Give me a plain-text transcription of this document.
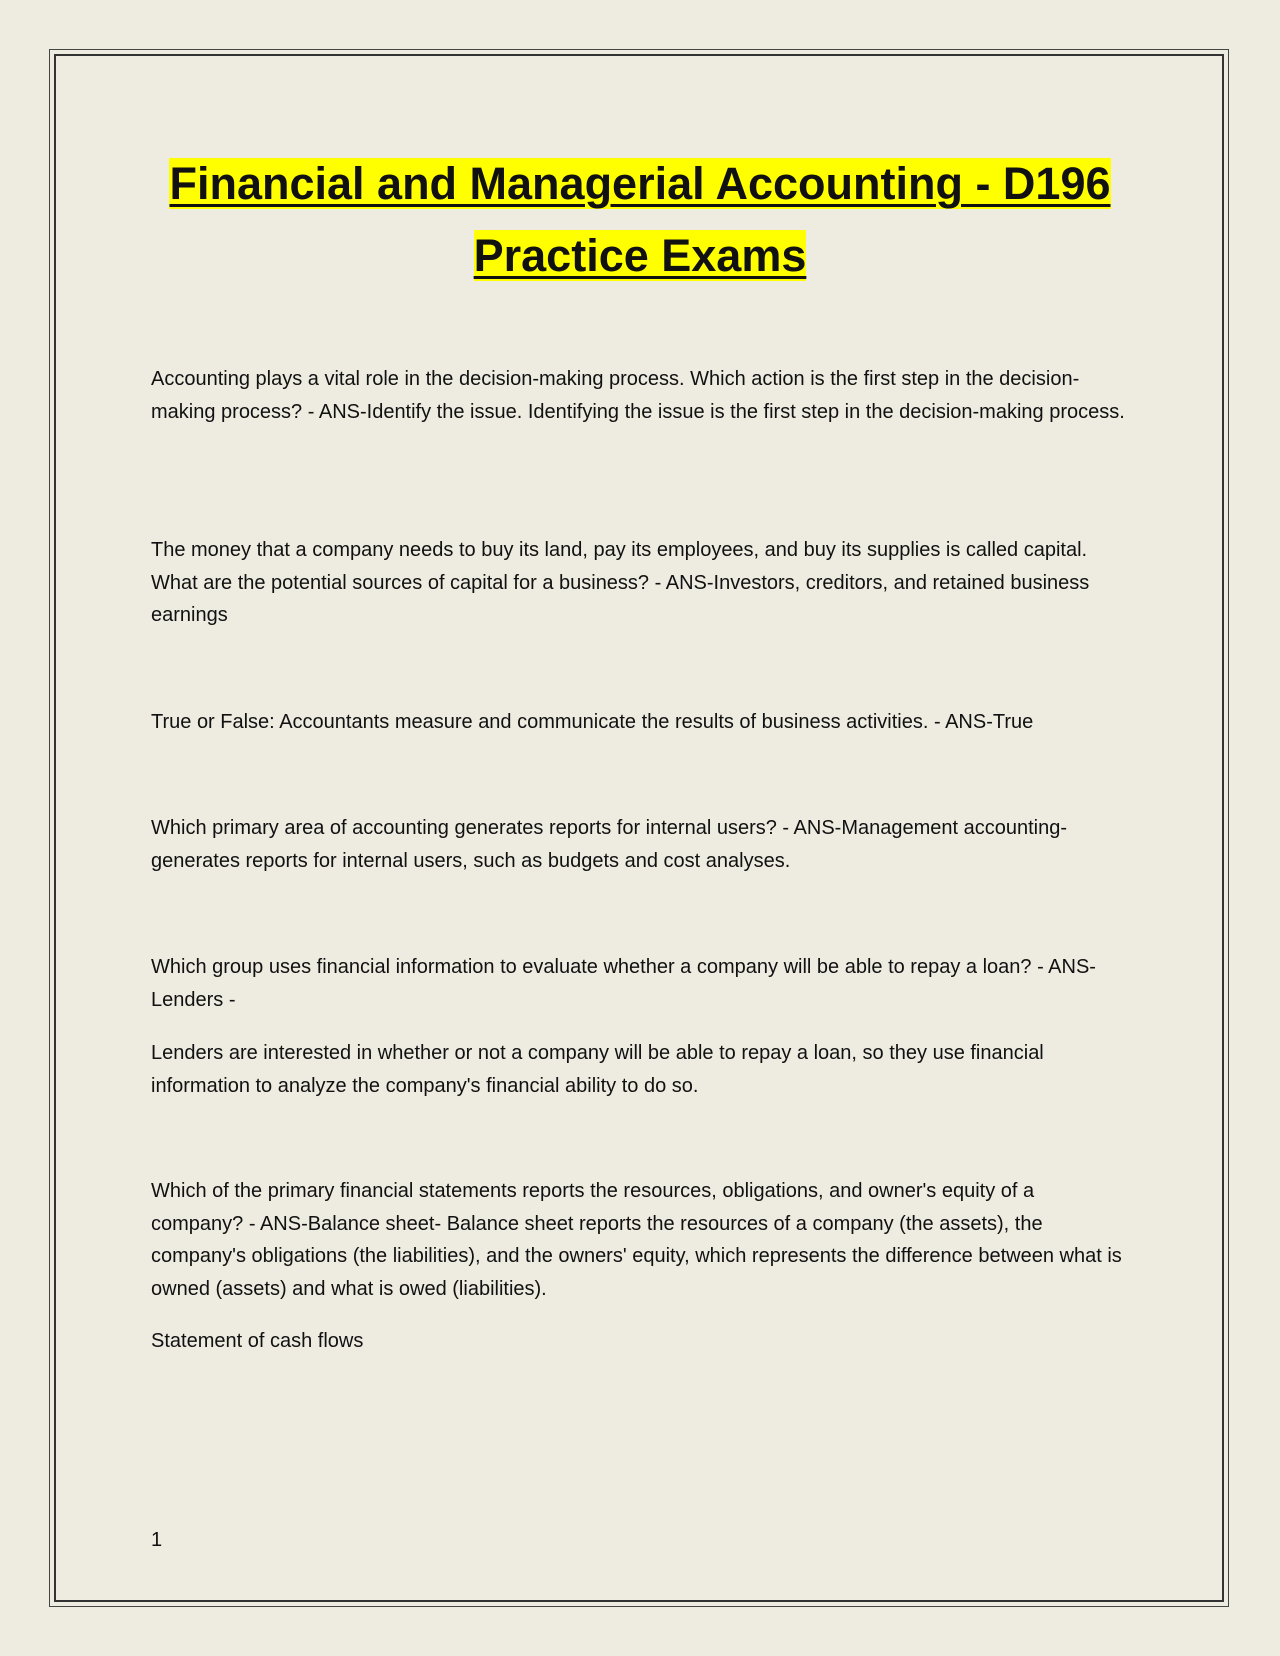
Financial and Managerial Accounting - D196
Practice Exams

Accounting plays a vital role in the decision-making process. Which action is the first step in the decision-making process? - ANS-Identify the issue. Identifying the issue is the first step in the decision-making process.

The money that a company needs to buy its land, pay its employees, and buy its supplies is called capital. What are the potential sources of capital for a business? - ANS-Investors, creditors, and retained business earnings

True or False: Accountants measure and communicate the results of business activities. - ANS-True

Which primary area of accounting generates reports for internal users? - ANS-Management accounting- generates reports for internal users, such as budgets and cost analyses.

Which group uses financial information to evaluate whether a company will be able to repay a loan? - ANS-Lenders -

Lenders are interested in whether or not a company will be able to repay a loan, so they use financial information to analyze the company's financial ability to do so.

Which of the primary financial statements reports the resources, obligations, and owner's equity of a company? - ANS-Balance sheet- Balance sheet reports the resources of a company (the assets), the company's obligations (the liabilities), and the owners' equity, which represents the difference between what is owned (assets) and what is owed (liabilities).

Statement of cash flows

1
